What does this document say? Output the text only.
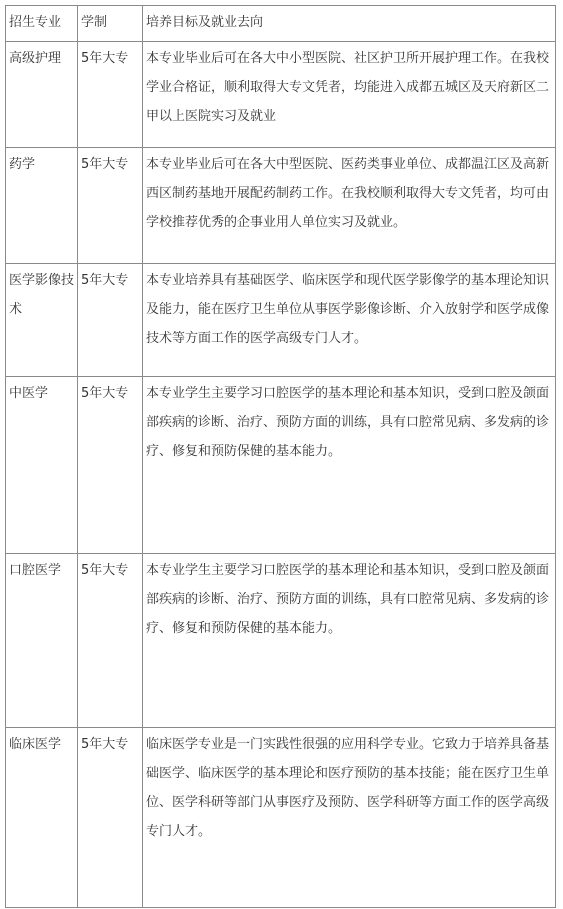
招生专业	学制	培养目标及就业去向
高级护理	5年大专	本专业毕业后可在各大中小型医院、社区护卫所开展护理工作。在我校学业合格证，顺利取得大专文凭者，均能进入成都五城区及天府新区二甲以上医院实习及就业
药学	5年大专	本专业毕业后可在各大中型医院、医药类事业单位、成都温江区及高新西区制药基地开展配药制药工作。在我校顺利取得大专文凭者，均可由学校推荐优秀的企事业用人单位实习及就业。
医学影像技术	5年大专	本专业培养具有基础医学、临床医学和现代医学影像学的基本理论知识及能力，能在医疗卫生单位从事医学影像诊断、介入放射学和医学成像技术等方面工作的医学高级专门人才。
中医学	5年大专	本专业学生主要学习口腔医学的基本理论和基本知识，受到口腔及颌面部疾病的诊断、治疗、预防方面的训练，具有口腔常见病、多发病的诊疗、修复和预防保健的基本能力。
口腔医学	5年大专	本专业学生主要学习口腔医学的基本理论和基本知识，受到口腔及颌面部疾病的诊断、治疗、预防方面的训练，具有口腔常见病、多发病的诊疗、修复和预防保健的基本能力。
临床医学	5年大专	临床医学专业是一门实践性很强的应用科学专业。它致力于培养具备基础医学、临床医学的基本理论和医疗预防的基本技能；能在医疗卫生单位、医学科研等部门从事医疗及预防、医学科研等方面工作的医学高级专门人才。
